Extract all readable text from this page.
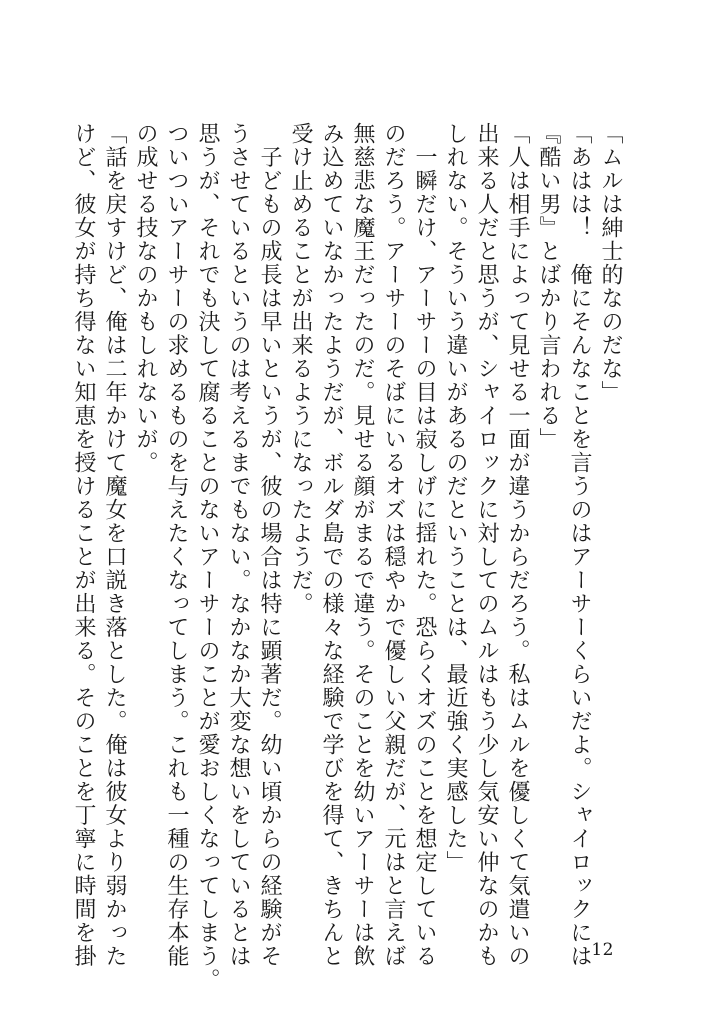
「ムルは紳士的なのだな」
「あはは！　俺にそんなことを言うのはアーサーくらいだよ。シャイロックには
『酷い男』とばかり言われる」
「人は相手によって見せる一面が違うからだろう。私はムルを優しくて気遣いの
出来る人だと思うが、シャイロックに対してのムルはもう少し気安い仲なのかも
しれない。そういう違いがあるのだということは、最近強く実感した」
　一瞬だけ、アーサーの目は寂しげに揺れた。恐らくオズのことを想定している
のだろう。アーサーのそばにいるオズは穏やかで優しい父親だが、元はと言えば
無慈悲な魔王だったのだ。見せる顔がまるで違う。そのことを幼いアーサーは飲
み込めていなかったようだが、ボルダ島での様々な経験で学びを得て、きちんと
受け止めることが出来るようになったようだ。
　子どもの成長は早いというが、彼の場合は特に顕著だ。幼い頃からの経験がそ
うさせているというのは考えるまでもない。なかなか大変な想いをしているとは
思うが、それでも決して腐ることのないアーサーのことが愛おしくなってしまう。
ついついアーサーの求めるものを与えたくなってしまう。これも一種の生存本能
の成せる技なのかもしれないが。
「話を戻すけど、俺は二年かけて魔女を口説き落とした。俺は彼女より弱かった
けど、彼女が持ち得ない知恵を授けることが出来る。そのことを丁寧に時間を掛	12
